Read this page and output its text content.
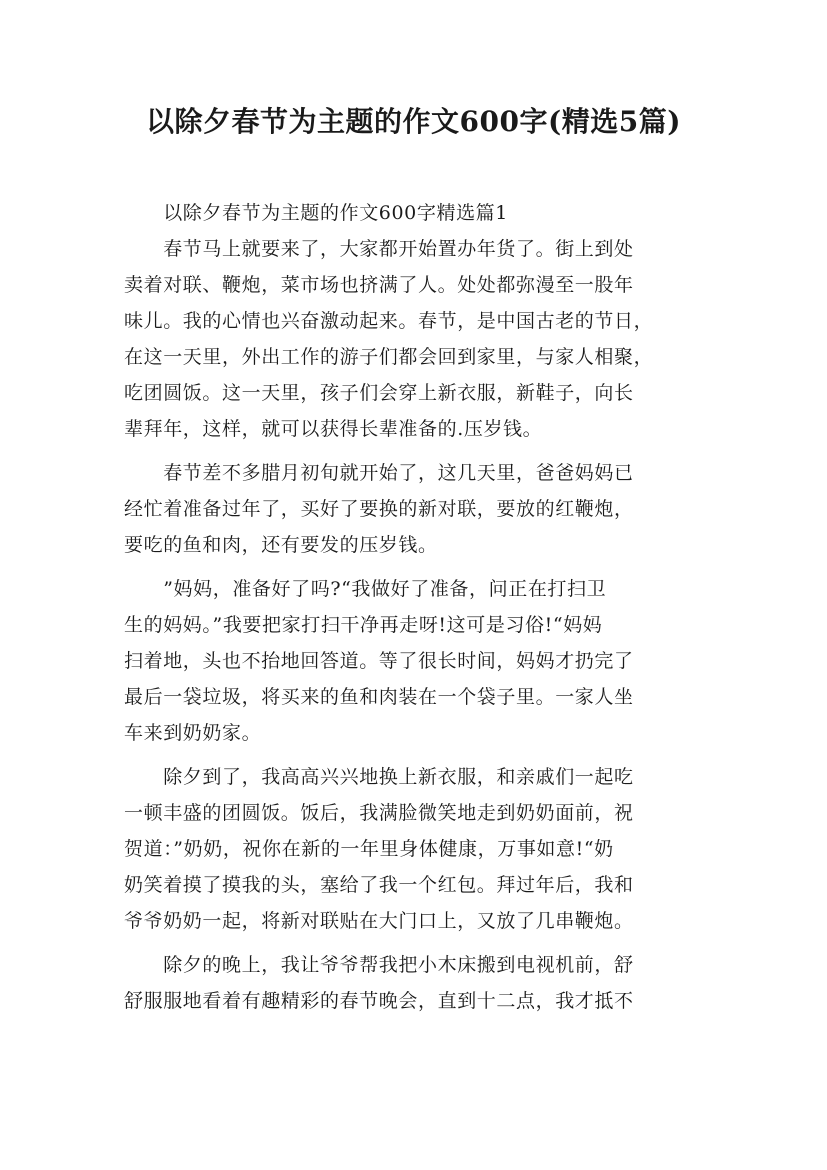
以除夕春节为主题的作文600字(精选5篇)
　　以除夕春节为主题的作文600字精选篇1
　　春节马上就要来了，大家都开始置办年货了。街上到处
卖着对联、鞭炮，菜市场也挤满了人。处处都弥漫至一股年
味儿。我的心情也兴奋激动起来。春节，是中国古老的节日，
在这一天里，外出工作的游子们都会回到家里，与家人相聚，
吃团圆饭。这一天里，孩子们会穿上新衣服，新鞋子，向长
辈拜年，这样，就可以获得长辈准备的.压岁钱。
　　春节差不多腊月初旬就开始了，这几天里，爸爸妈妈已
经忙着准备过年了，买好了要换的新对联，要放的红鞭炮，
要吃的鱼和肉，还有要发的压岁钱。
　　”妈妈，准备好了吗?“我做好了准备，问正在打扫卫
生的妈妈。”我要把家打扫干净再走呀!这可是习俗!“妈妈
扫着地，头也不抬地回答道。等了很长时间，妈妈才扔完了
最后一袋垃圾，将买来的鱼和肉装在一个袋子里。一家人坐
车来到奶奶家。
　　除夕到了，我高高兴兴地换上新衣服，和亲戚们一起吃
一顿丰盛的团圆饭。饭后，我满脸微笑地走到奶奶面前，祝
贺道：”奶奶，祝你在新的一年里身体健康，万事如意!“奶
奶笑着摸了摸我的头，塞给了我一个红包。拜过年后，我和
爷爷奶奶一起，将新对联贴在大门口上，又放了几串鞭炮。
　　除夕的晚上，我让爷爷帮我把小木床搬到电视机前，舒
舒服服地看着有趣精彩的春节晚会，直到十二点，我才抵不
